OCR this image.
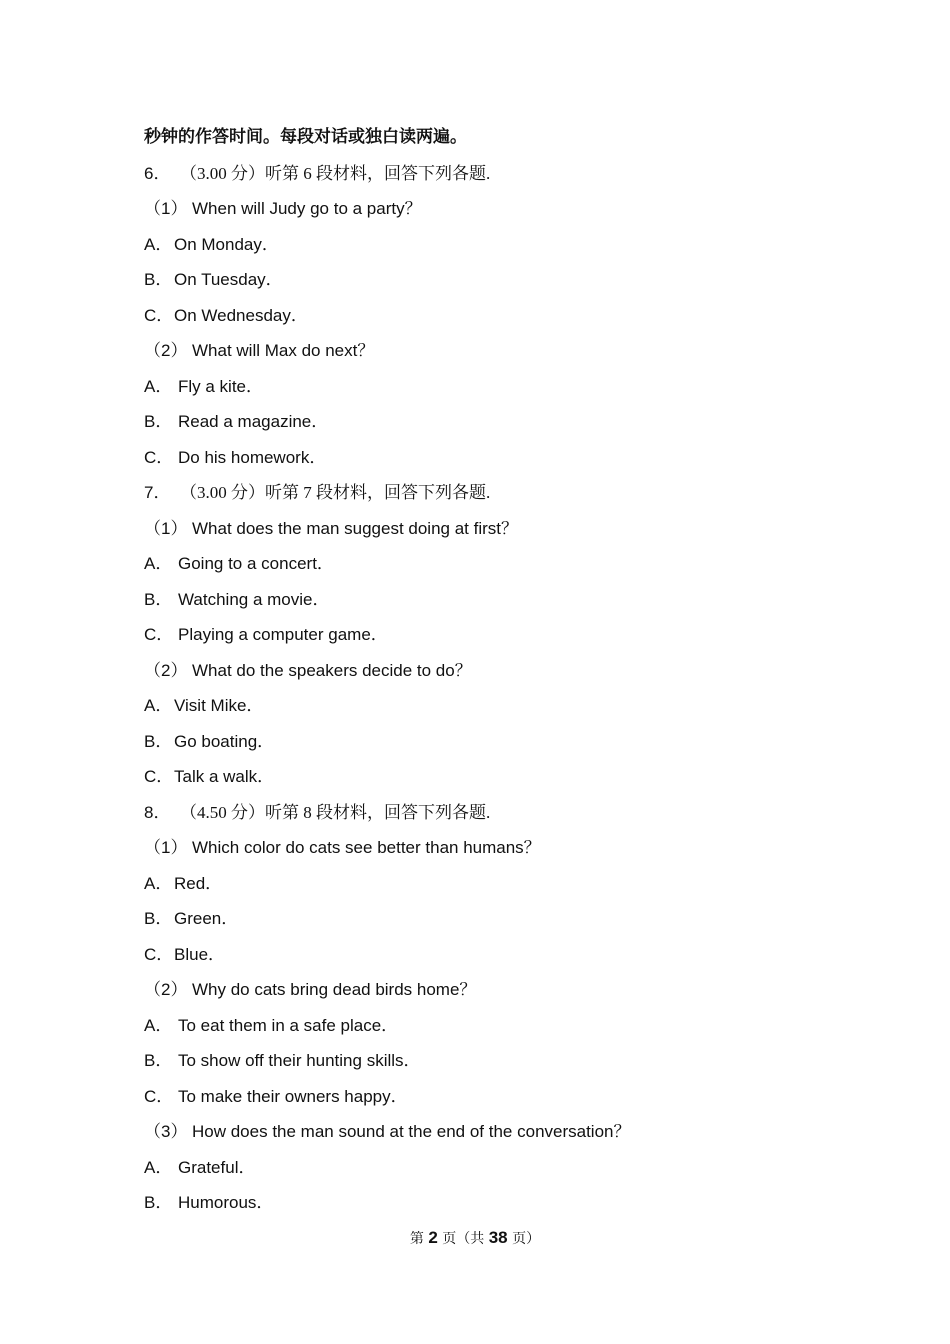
秒钟的作答时间。每段对话或独白读两遍。
6． （3.00 分）听第 6 段材料，回答下列各题.
（1） When will Judy go to a party？
A．On Monday．
B．On Tuesday．
C．On Wednesday．
（2） What will Max do next？
A． Fly a kite．
B． Read a magazine．
C． Do his homework．
7． （3.00 分）听第 7 段材料，回答下列各题.
（1） What does the man suggest doing at first？
A． Going to a concert．
B． Watching a movie．
C． Playing a computer game．
（2） What do the speakers decide to do？
A．Visit Mike．
B．Go boating．
C．Talk a walk．
8． （4.50 分）听第 8 段材料，回答下列各题.
（1） Which color do cats see better than humans？
A．Red．
B．Green．
C．Blue．
（2） Why do cats bring dead birds home？
A． To eat them in a safe place．
B． To show off their hunting skills．
C． To make their owners happy．
（3） How does the man sound at the end of the conversation？
A． Grateful．
B． Humorous．
第 2 页（共 38 页）
